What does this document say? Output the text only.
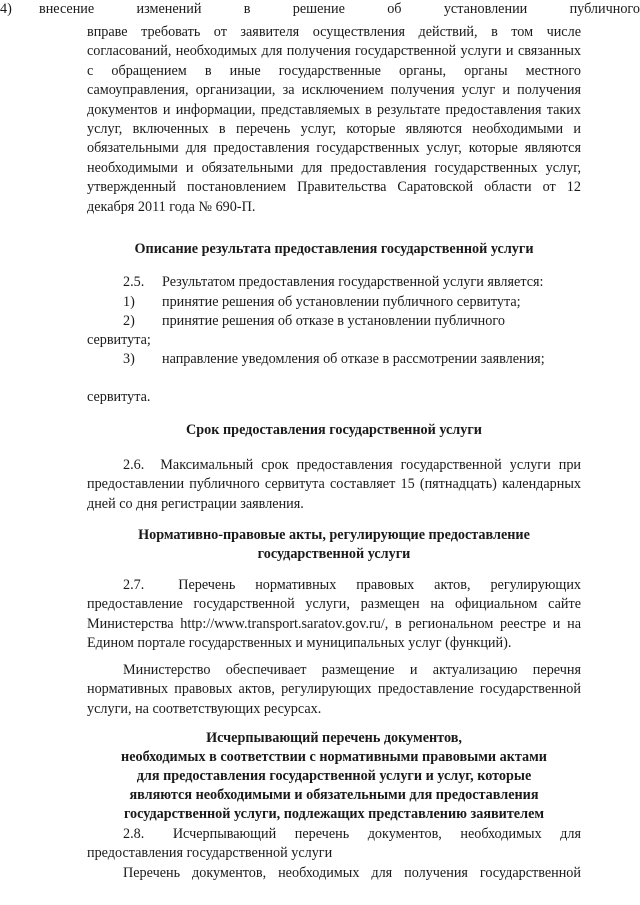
вправе требовать от заявителя осуществления действий, в том числе согласований, необходимых для получения государственной услуги и связанных с обращением в иные государственные органы, органы местного самоуправления, организации, за исключением получения услуг и получения документов и информации, представляемых в результате предоставления таких услуг, включенных в перечень услуг, которые являются необходимыми и обязательными для предоставления государственных услуг, которые являются необходимыми и обязательными для предоставления государственных услуг, утвержденный постановлением Правительства Саратовской области от 12 декабря 2011 года № 690-П.

Описание результата предоставления государственной услуги

2.5. Результатом предоставления государственной услуги является:

1) принятие решения об установлении публичного сервитута;

2) принятие решения об отказе в установлении публичного

сервитута;

3) направление уведомления об отказе в рассмотрении заявления;

4)	внесение изменений в решение об установлении публичного

сервитута.

Срок предоставления государственной услуги

2.6. Максимальный срок предоставления государственной услуги при предоставлении публичного сервитута составляет 15 (пятнадцать) календарных дней со дня регистрации заявления.

Нормативно-правовые акты, регулирующие предоставление

государственной услуги

2.7. Перечень нормативных правовых актов, регулирующих предоставление государственной услуги, размещен на официальном сайте Министерства http://www.transport.saratov.gov.ru/, в региональном реестре и на Едином портале государственных и муниципальных услуг (функций).

Министерство обеспечивает размещение и актуализацию перечня нормативных правовых актов, регулирующих предоставление государственной услуги, на соответствующих ресурсах.

Исчерпывающий перечень документов,

необходимых в соответствии с нормативными правовыми актами

для предоставления государственной услуги и услуг, которые

являются необходимыми и обязательными для предоставления

государственной услуги, подлежащих представлению заявителем

2.8. Исчерпывающий перечень документов, необходимых для предоставления государственной услуги

Перечень документов, необходимых для получения государственной
